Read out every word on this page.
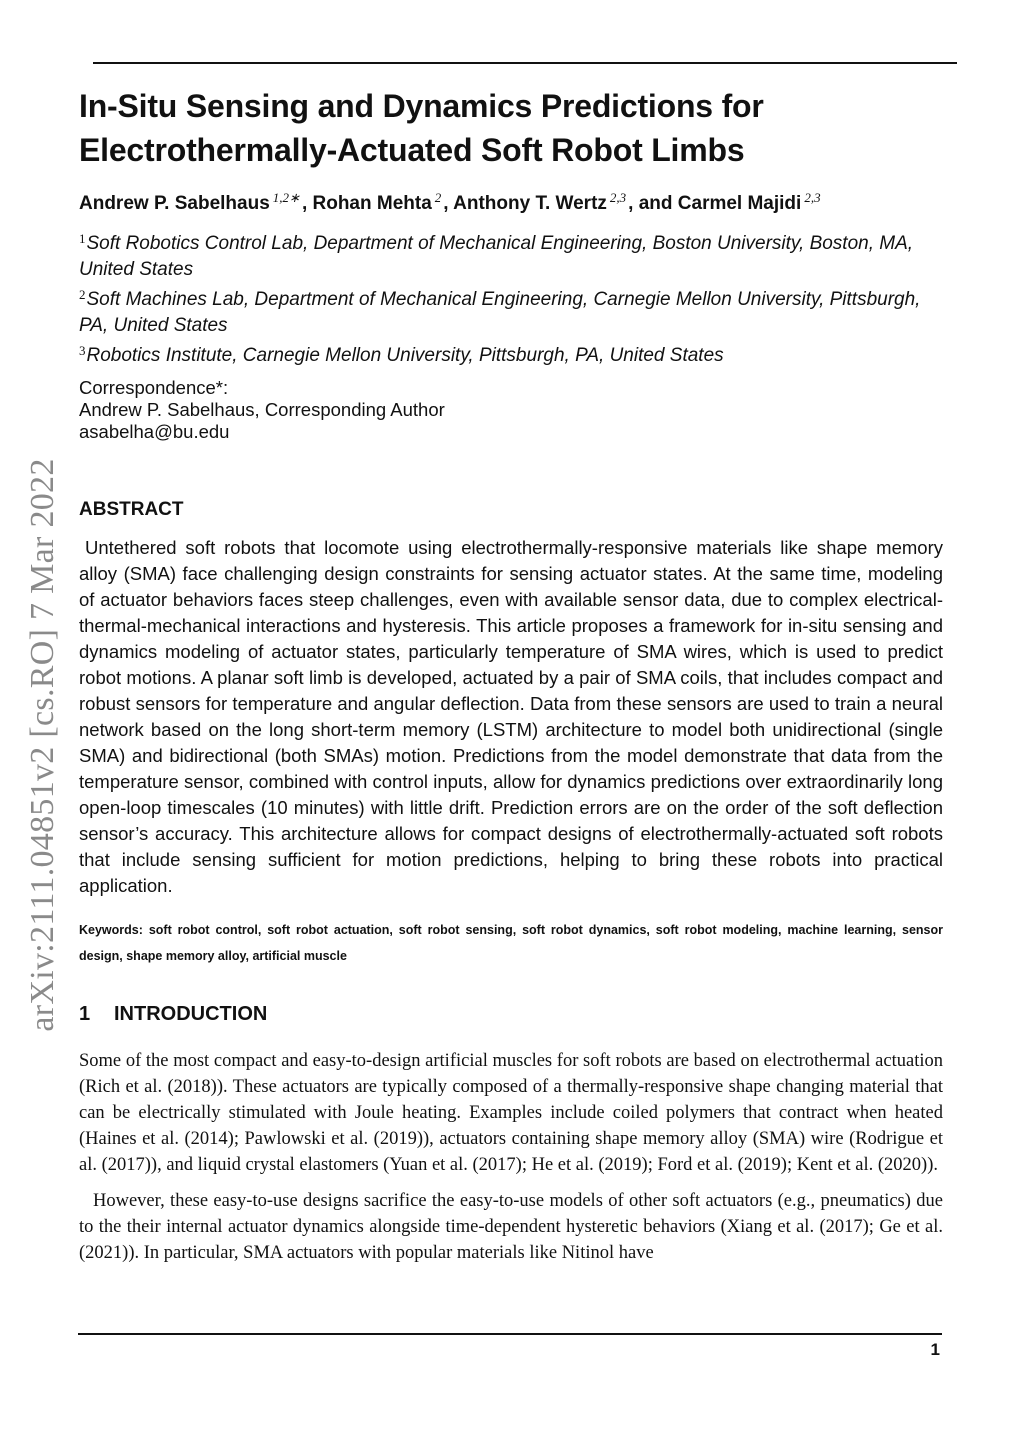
arXiv:2111.04851v2 [cs.RO] 7 Mar 2022
In-Situ Sensing and Dynamics Predictions for
Electrothermally-Actuated Soft Robot Limbs
Andrew P. Sabelhaus $^{1,2∗}$ , Rohan Mehta $^2$ , Anthony T. Wertz $^{2,3}$ , and Carmel Majidi $^{2,3}$
$^1$Soft Robotics Control Lab, Department of Mechanical Engineering, Boston University, Boston, MA, United States
$^2$Soft Machines Lab, Department of Mechanical Engineering, Carnegie Mellon University, Pittsburgh, PA, United States
$^3$Robotics Institute, Carnegie Mellon University, Pittsburgh, PA, United States
Correspondence*:
Andrew P. Sabelhaus, Corresponding Author
asabelha@bu.edu
ABSTRACT

Untethered soft robots that locomote using electrothermally-responsive materials like shape memory alloy (SMA) face challenging design constraints for sensing actuator states. At the same time, modeling of actuator behaviors faces steep challenges, even with available sensor data, due to complex electrical-thermal-mechanical interactions and hysteresis. This article proposes a framework for in-situ sensing and dynamics modeling of actuator states, particularly temperature of SMA wires, which is used to predict robot motions. A planar soft limb is developed, actuated by a pair of SMA coils, that includes compact and robust sensors for temperature and angular deflection. Data from these sensors are used to train a neural network based on the long short-term memory (LSTM) architecture to model both unidirectional (single SMA) and bidirectional (both SMAs) motion. Predictions from the model demonstrate that data from the temperature sensor, combined with control inputs, allow for dynamics predictions over extraordinarily long open-loop timescales (10 minutes) with little drift. Prediction errors are on the order of the soft deflection sensor’s accuracy. This architecture allows for compact designs of electrothermally-actuated soft robots that include sensing sufficient for motion predictions, helping to bring these robots into practical application.

Keywords: soft robot control, soft robot actuation, soft robot sensing, soft robot dynamics, soft robot modeling, machine learning, sensor design, shape memory alloy, artificial muscle
1 INTRODUCTION

Some of the most compact and easy-to-design artificial muscles for soft robots are based on electrothermal actuation (Rich et al. (2018)). These actuators are typically composed of a thermally-responsive shape changing material that can be electrically stimulated with Joule heating. Examples include coiled polymers that contract when heated (Haines et al. (2014); Pawlowski et al. (2019)), actuators containing shape memory alloy (SMA) wire (Rodrigue et al. (2017)), and liquid crystal elastomers (Yuan et al. (2017); He et al. (2019); Ford et al. (2019); Kent et al. (2020)).

However, these easy-to-use designs sacrifice the easy-to-use models of other soft actuators (e.g., pneumatics) due to the their internal actuator dynamics alongside time-dependent hysteretic behaviors (Xiang et al. (2017); Ge et al. (2021)). In particular, SMA actuators with popular materials like Nitinol have

1
